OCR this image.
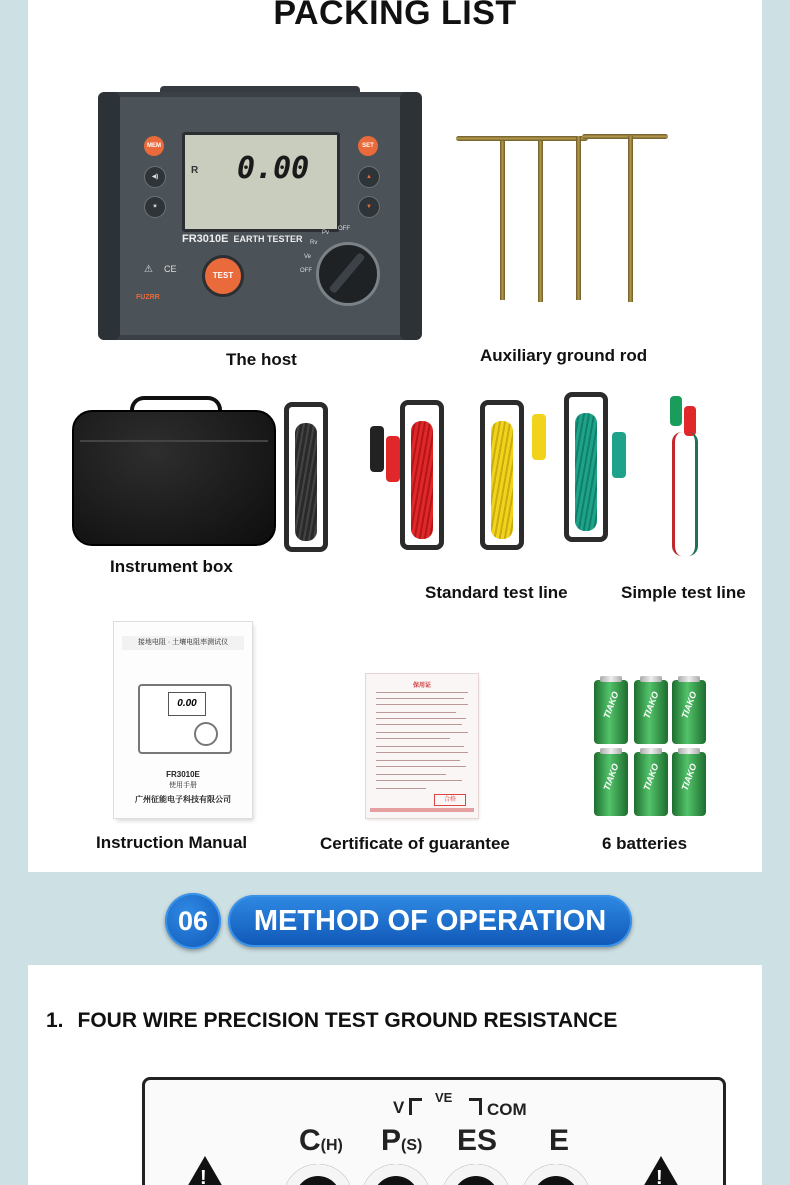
R 0.00
MEM
◀)
✷
SET
▲
▼
FR3010E EARTH TESTER
TEST
OFF
Pv
Rv
Ve
OFF
⚠ CE
FUZRR
The host	Auxiliary ground rod
Instrument box
Standard test line	Simple test line
接地电阻 · 土壤电阻率测试仪
0.00
FR3010E
使用手册
广州征能电子科技有限公司
Instruction Manual
保用证
合格
Certificate of guarantee
TIAKO TIAKO TIAKO
TIAKO TIAKO TIAKO
6 batteries
PACKING LIST
06	METHOD OF OPERATION
1. FOUR WIRE PRECISION TEST GROUND RESISTANCE
!
!
V
VE
COM
C(H) P(S) ES E
